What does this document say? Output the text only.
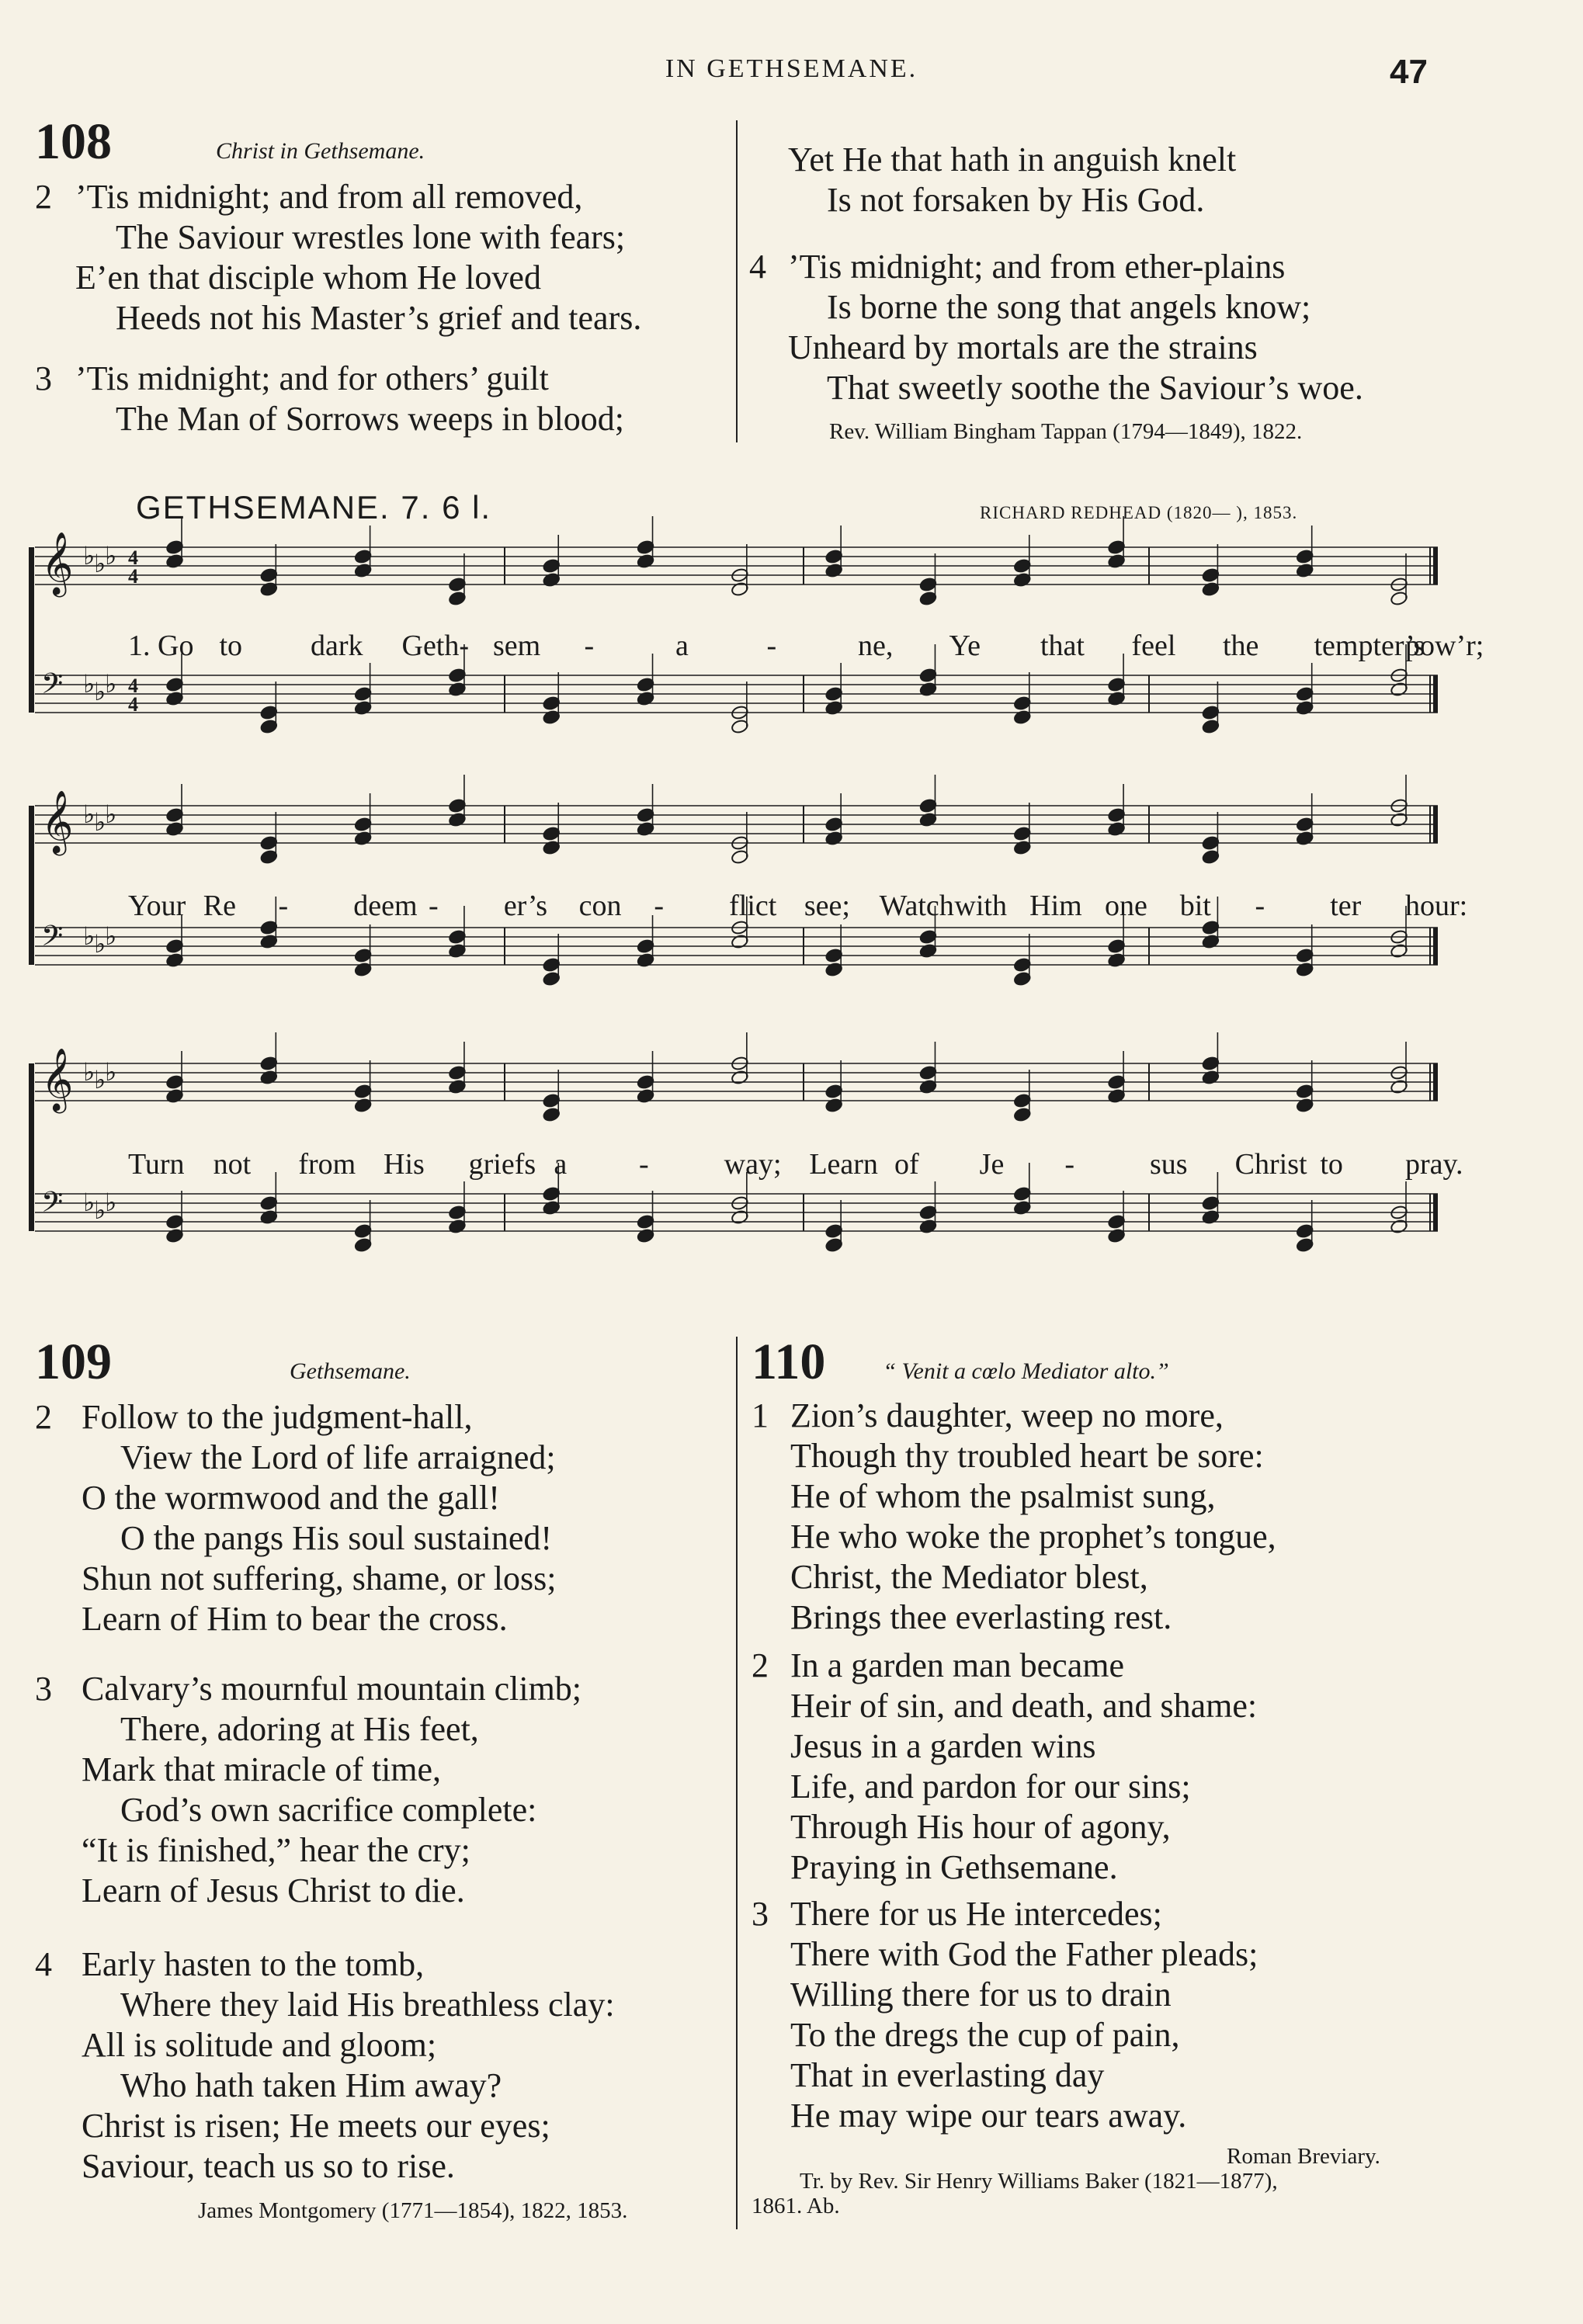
IN GETHSEMANE.	47
108	Christ in Gethsemane.
2 ’Tis midnight; and from all removed,
The Saviour wrestles lone with fears;
E’en that disciple whom He loved
Heeds not his Master’s grief and tears.
3 ’Tis midnight; and for others’ guilt
The Man of Sorrows weeps in blood;
Yet He that hath in anguish knelt
Is not forsaken by His God.
4 ’Tis midnight; and from ether-plains
Is borne the song that angels know;
Unheard by mortals are the strains
That sweetly soothe the Saviour’s woe.
Rev. William Bingham Tappan (1794—1849), 1822.
GETHSEMANE. 7. 6 l.	RICHARD REDHEAD (1820— ), 1853.
𝄞 ♭
♭
♭ 4
4
𝄢 ♭
♭
♭ 4
4
𝄞 ♭
♭
♭
𝄢 ♭
♭
♭
𝄞 ♭
♭
♭
𝄢 ♭
♭
♭
1. Go to dark Geth- sem -	a	-	ne, Ye that feel the tempter’s
pow’r;
Your Re - deem - er’s con - flict see; Watch with Him one bit - ter hour:
Turn not from His griefs a -	way; Learn of Je -	sus Christ to pray.
109	Gethsemane.
2 Follow to the judgment-hall,
View the Lord of life arraigned;
O the wormwood and the gall!
O the pangs His soul sustained!
Shun not suffering, shame, or loss;
Learn of Him to bear the cross.
3 Calvary’s mournful mountain climb;
There, adoring at His feet,
Mark that miracle of time,
God’s own sacrifice complete:
“It is finished,” hear the cry;
Learn of Jesus Christ to die.
4 Early hasten to the tomb,
Where they laid His breathless clay:
All is solitude and gloom;
Who hath taken Him away?
Christ is risen; He meets our eyes;
Saviour, teach us so to rise.
James Montgomery (1771—1854), 1822, 1853.
110 “ Venit a cœlo Mediator alto.”
1 Zion’s daughter, weep no more,
Though thy troubled heart be sore:
He of whom the psalmist sung,
He who woke the prophet’s tongue,
Christ, the Mediator blest,
Brings thee everlasting rest.
2 In a garden man became
Heir of sin, and death, and shame:
Jesus in a garden wins
Life, and pardon for our sins;
Through His hour of agony,
Praying in Gethsemane.
3 There for us He intercedes;
There with God the Father pleads;
Willing there for us to drain
To the dregs the cup of pain,
That in everlasting day
He may wipe our tears away.
Roman Breviary.
Tr. by Rev. Sir Henry Williams Baker (1821—1877),
1861. Ab.
